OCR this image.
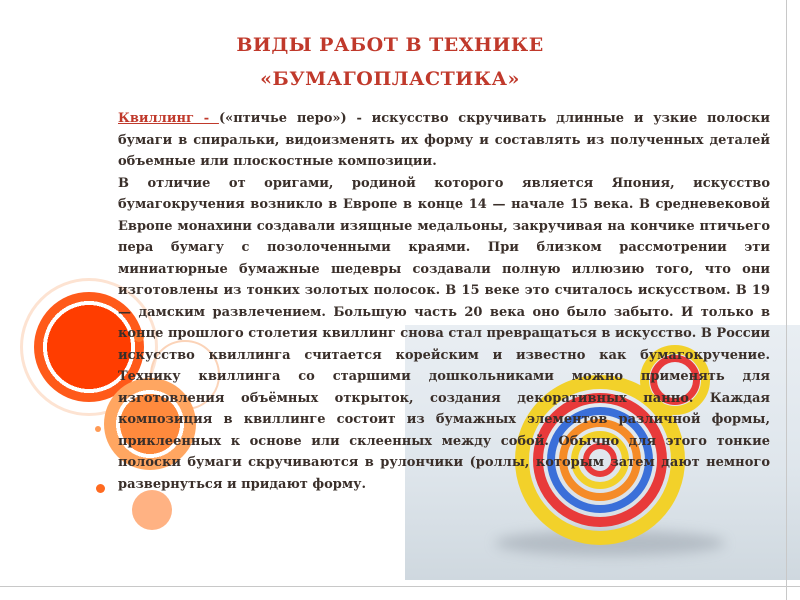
ВИДЫ РАБОТ В ТЕХНИКЕ
«БУМАГОПЛАСТИКА»

Квиллинг - («птичье перо») - искусство скручивать длинные и узкие полоски бумаги в спиральки, видоизменять их форму и составлять из полученных деталей объемные или плоскостные композиции.

В отличие от оригами, родиной которого является Япония, искусство бумагокручения возникло в Европе в конце 14 — начале 15 века. В средневековой Европе монахини создавали изящные медальоны, закручивая на кончике птичьего пера бумагу с позолоченными краями. При близком рассмотрении эти миниатюрные бумажные шедевры создавали полную иллюзию того, что они изготовлены из тонких золотых полосок. В 15 веке это считалось искусством. В 19 — дамским развлечением. Большую часть 20 века оно было забыто. И только в конце прошлого столетия квиллинг снова стал превращаться в искусство. В России искусство квиллинга считается корейским и известно как бумагокручение. Технику квиллинга со старшими дошкольниками можно применять для изготовления объёмных открыток, создания декоративных панно. Каждая композиция в квиллинге состоит из бумажных элементов различной формы, приклеенных к основе или склеенных между собой. Обычно для этого тонкие полоски бумаги скручиваются в рулончики (роллы, которым затем дают немного развернуться и придают форму.
